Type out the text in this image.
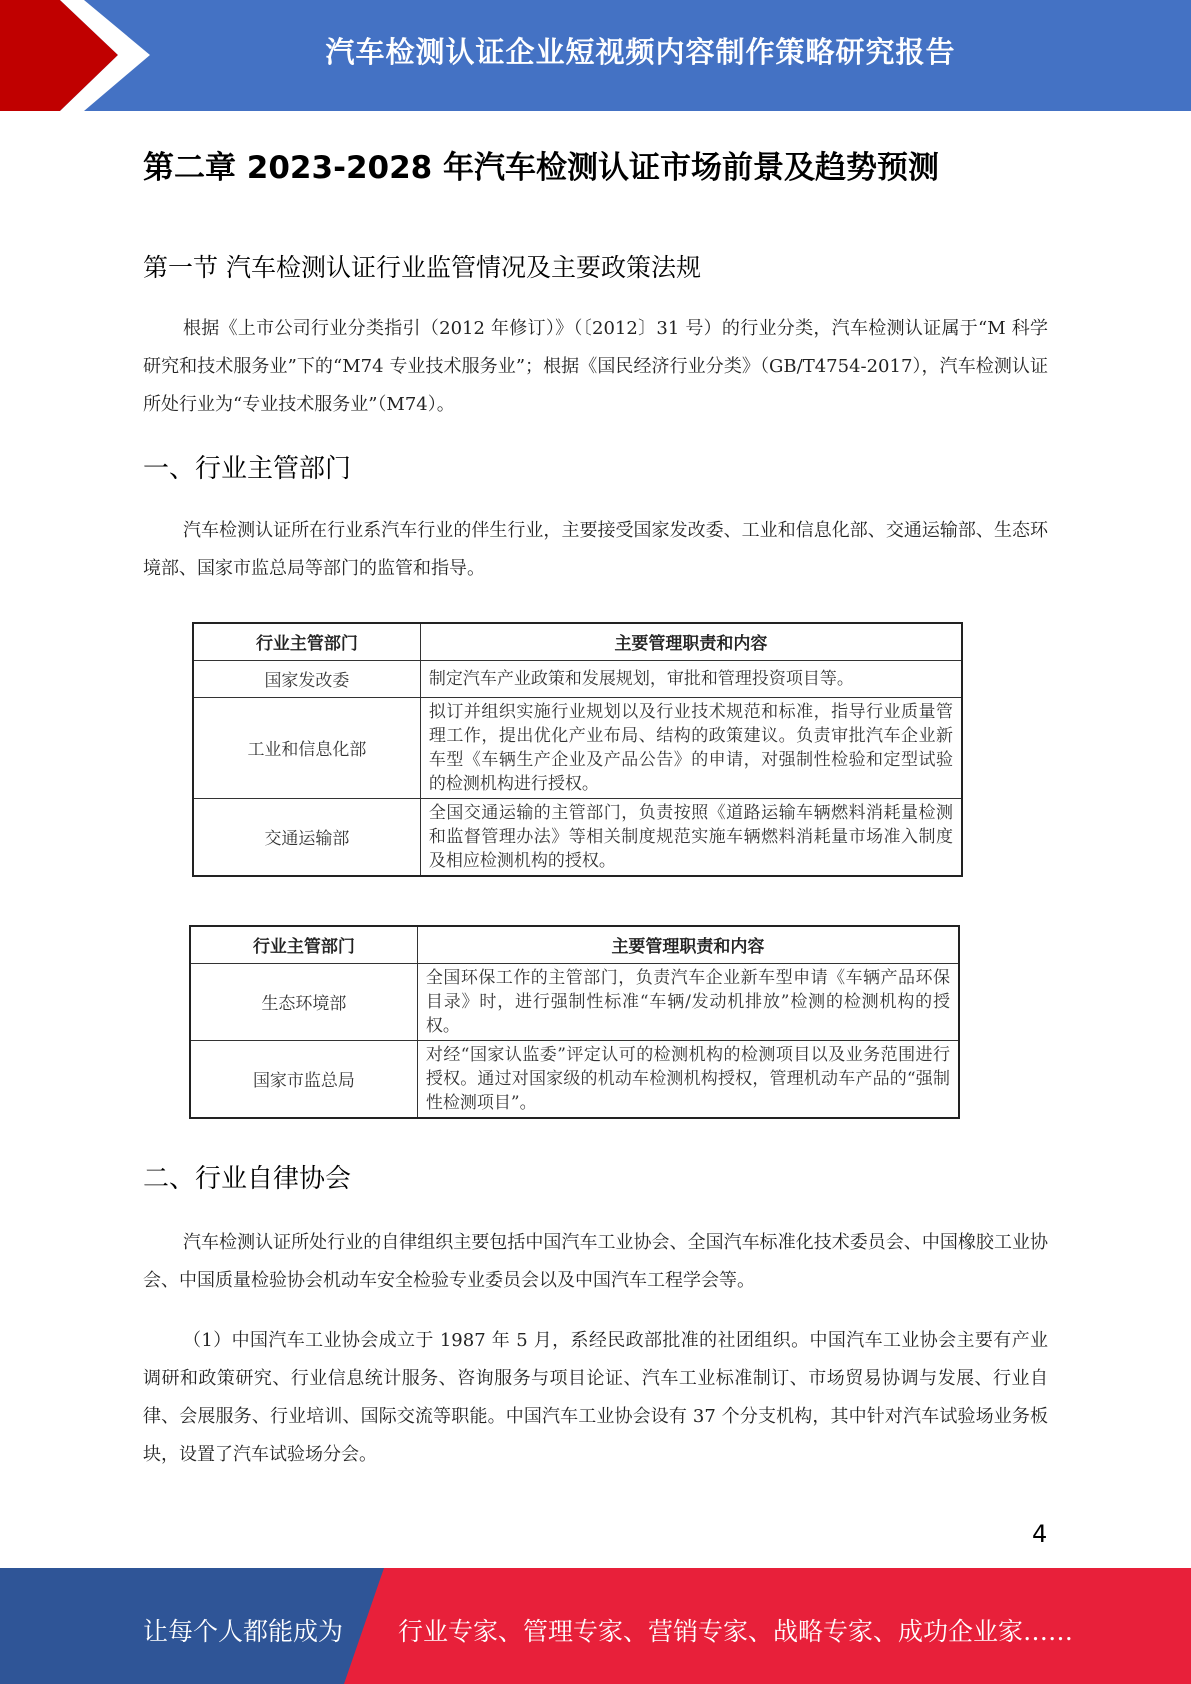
汽车检测认证企业短视频内容制作策略研究报告
第二章 2023-2028 年汽车检测认证市场前景及趋势预测
第一节 汽车检测认证行业监管情况及主要政策法规

根据《上市公司行业分类指引（2012 年修订）》（〔2012〕31 号）的行业分类，汽车检测认证属于“M 科学研究和技术服务业”下的“M74 专业技术服务业”；根据《国民经济行业分类》（GB/T4754-2017），汽车检测认证所处行业为“专业技术服务业”（M74）。

一、行业主管部门

汽车检测认证所在行业系汽车行业的伴生行业，主要接受国家发改委、工业和信息化部、交通运输部、生态环境部、国家市监总局等部门的监管和指导。

行业主管部门	主要管理职责和内容
国家发改委	制定汽车产业政策和发展规划，审批和管理投资项目等。
工业和信息化部	拟订并组织实施行业规划以及行业技术规范和标准，指导行业质量管理工作，提出优化产业布局、结构的政策建议。负责审批汽车企业新车型《车辆生产企业及产品公告》的申请，对强制性检验和定型试验的检测机构进行授权。
交通运输部	全国交通运输的主管部门，负责按照《道路运输车辆燃料消耗量检测和监督管理办法》等相关制度规范实施车辆燃料消耗量市场准入制度及相应检测机构的授权。
行业主管部门	主要管理职责和内容
生态环境部	全国环保工作的主管部门，负责汽车企业新车型申请《车辆产品环保目录》时，进行强制性标准“车辆/发动机排放”检测的检测机构的授权。
国家市监总局	对经“国家认监委”评定认可的检测机构的检测项目以及业务范围进行授权。通过对国家级的机动车检测机构授权，管理机动车产品的“强制性检测项目”。
二、行业自律协会

汽车检测认证所处行业的自律组织主要包括中国汽车工业协会、全国汽车标准化技术委员会、中国橡胶工业协会、中国质量检验协会机动车安全检验专业委员会以及中国汽车工程学会等。

（1）中国汽车工业协会成立于 1987 年 5 月，系经民政部批准的社团组织。中国汽车工业协会主要有产业调研和政策研究、行业信息统计服务、咨询服务与项目论证、汽车工业标准制订、市场贸易协调与发展、行业自律、会展服务、行业培训、国际交流等职能。中国汽车工业协会设有 37 个分支机构，其中针对汽车试验场业务板块，设置了汽车试验场分会。

4
让每个人都能成为 行业专家、管理专家、营销专家、战略专家、成功企业家……
